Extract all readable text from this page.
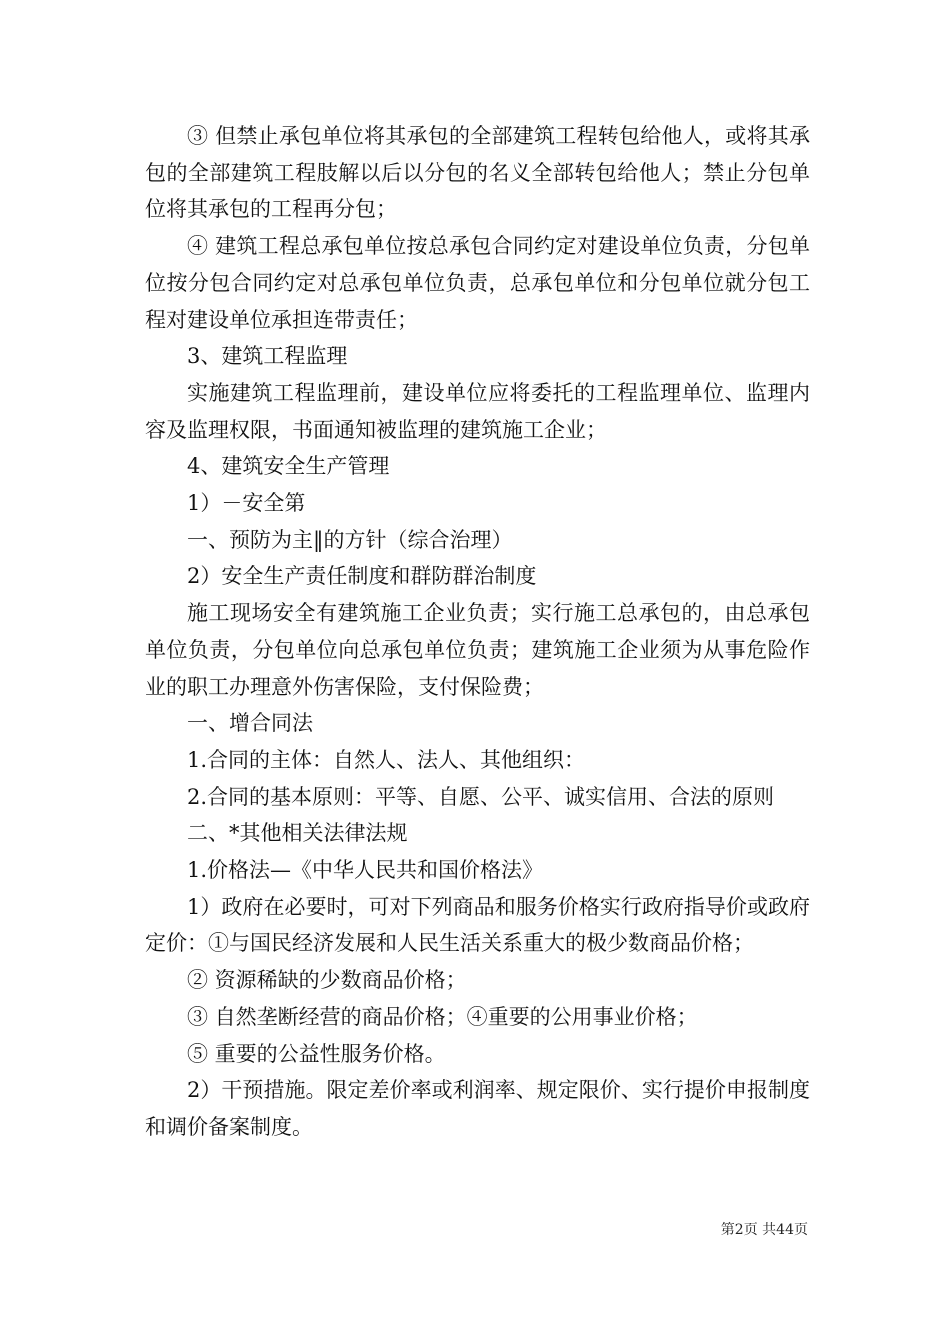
③ 但禁止承包单位将其承包的全部建筑工程转包给他人，或将其承包的全部建筑工程肢解以后以分包的名义全部转包给他人；禁止分包单位将其承包的工程再分包；

④ 建筑工程总承包单位按总承包合同约定对建设单位负责，分包单位按分包合同约定对总承包单位负责，总承包单位和分包单位就分包工程对建设单位承担连带责任；

3、建筑工程监理

实施建筑工程监理前，建设单位应将委托的工程监理单位、监理内容及监理权限，书面通知被监理的建筑施工企业；

4、建筑安全生产管理

1）－安全第

一、预防为主‖的方针（综合治理）

2）安全生产责任制度和群防群治制度

施工现场安全有建筑施工企业负责；实行施工总承包的，由总承包单位负责，分包单位向总承包单位负责；建筑施工企业须为从事危险作业的职工办理意外伤害保险，支付保险费；

一、增合同法

1.合同的主体：自然人、法人、其他组织：

2.合同的基本原则：平等、自愿、公平、诚实信用、合法的原则

二、*其他相关法律法规

1.价格法—《中华人民共和国价格法》

1）政府在必要时，可对下列商品和服务价格实行政府指导价或政府定价：①与国民经济发展和人民生活关系重大的极少数商品价格；

② 资源稀缺的少数商品价格；

③ 自然垄断经营的商品价格；④重要的公用事业价格；

⑤ 重要的公益性服务价格。

2）干预措施。限定差价率或利润率、规定限价、实行提价申报制度和调价备案制度。

第2页 共44页
